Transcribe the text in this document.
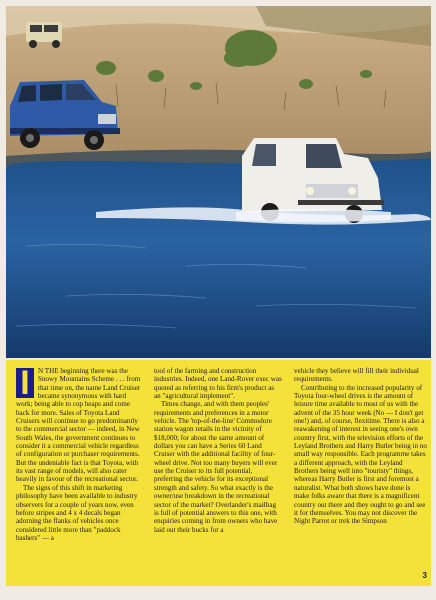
I	N THE beginning there was the Snowy Mountains Scheme . . . from that time on, the name Land Cruiser became synonymous with hard work; being able to cop heaps and come back for more. Sales of Toyota Land Cruisers will continue to go predominantly to the commercial sector — indeed, in New South Wales, the government continues to consider it a commercial vehicle regardless of configuration or purchaser requirements. But the undeniable fact is that Toyota, with its vast range of models, will also cater heavily in favour of the recreational sector.

The signs of this shift in marketing philosophy have been available to industry observers for a couple of years now, even before stripes and 4 x 4 decals began adorning the flanks of vehicles once considered little more than "paddock bashers" — a

tool of the farming and construction industries. Indeed, one Land-Rover exec was quoted as referring to his firm's product as an "agricultural implement".

Times change, and with them peoples' requirements and preferences in a motor vehicle. The 'top-of-the-line' Commodore station wagon retails in the vicinity of $18,000; for about the same amount of dollars you can have a Series 60 Land Cruiser with the additional facility of four-wheel drive. Not too many buyers will ever use the Cruiser to its full potential, preferring the vehicle for its exceptional strength and safety. So what exactly is the owner/use breakdown in the recreational sector of the market? Overlander's mailbag is full of potential answers to this one, with enquiries coming in from owners who have laid out their bucks for a

vehicle they believe will fill their individual requirements.

Contributing to the increased popularity of Toyota four-wheel drives is the amount of leisure time available to most of us with the advent of the 35 hour week (No — I don't get one!) and, of course, flexitime. There is also a reawakening of interest in seeing one's own country first, with the television efforts of the Leyland Brothers and Harry Butler being in no small way responsible. Each programme takes a different approach, with the Leyland Brothers being well into "touristy" things, whereas Harry Butler is first and foremost a naturalist. What both shows have done is make folks aware that there is a magnificent country out there and they ought to go and see it for themselves. You may not discover the Night Parrot or trek the Simpson

3
